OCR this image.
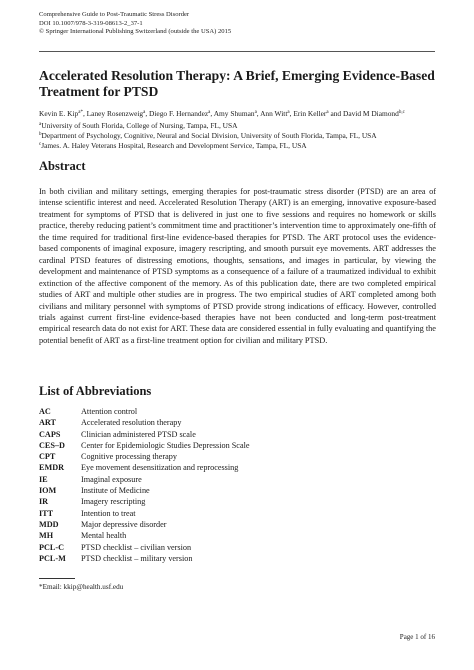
Comprehensive Guide to Post-Traumatic Stress Disorder
DOI 10.1007/978-3-319-08613-2_37-1
© Springer International Publishing Switzerland (outside the USA) 2015
Accelerated Resolution Therapy: A Brief, Emerging Evidence-Based Treatment for PTSD
Kevin E. Kip$^{a*}$, Laney Rosenzweig$^a$, Diego F. Hernandez$^a$, Amy Shuman$^a$, Ann Witt$^a$, Erin Keller$^a$ and David M Diamond$^{b,c}$
$^a$University of South Florida, College of Nursing, Tampa, FL, USA
$^b$Department of Psychology, Cognitive, Neural and Social Division, University of South Florida, Tampa, FL, USA
$^c$James. A. Haley Veterans Hospital, Research and Development Service, Tampa, FL, USA
Abstract
In both civilian and military settings, emerging therapies for post-traumatic stress disorder (PTSD) are an area of intense scientific interest and need. Accelerated Resolution Therapy (ART) is an emerging, innovative exposure-based treatment for symptoms of PTSD that is delivered in just one to five sessions and requires no homework or skills practice, thereby reducing patient’s commitment time and practitioner’s intervention time to approximately one-fifth of the time required for traditional first-line evidence-based therapies for PTSD. The ART protocol uses the evidence-based components of imaginal exposure, imagery rescripting, and smooth pursuit eye movements. ART addresses the cardinal PTSD features of distressing emotions, thoughts, sensations, and images in particular, by viewing the development and maintenance of PTSD symptoms as a consequence of a failure of a traumatized individual to exhibit extinction of the affective component of the memory. As of this publication date, there are two completed empirical studies of ART and multiple other studies are in progress. The two empirical studies of ART completed among both civilians and military personnel with symptoms of PTSD provide strong indications of efficacy. However, controlled trials against current first-line evidence-based therapies have not been conducted and long-term post-treatment empirical research data do not exist for ART. These data are considered essential in fully evaluating and quantifying the potential benefit of ART as a first-line treatment option for civilian and military PTSD.
List of Abbreviations
AC	Attention control
ART	Accelerated resolution therapy
CAPS	Clinician administered PTSD scale
CES–D Center for Epidemiologic Studies Depression Scale
CPT	Cognitive processing therapy
EMDR Eye movement desensitization and reprocessing
IE	Imaginal exposure
IOM	Institute of Medicine
IR	Imagery rescripting
ITT	Intention to treat
MDD	Major depressive disorder
MH	Mental health
PCL-C PTSD checklist – civilian version
PCL-M PTSD checklist – military version
*Email: kkip@health.usf.edu
Page 1 of 16
